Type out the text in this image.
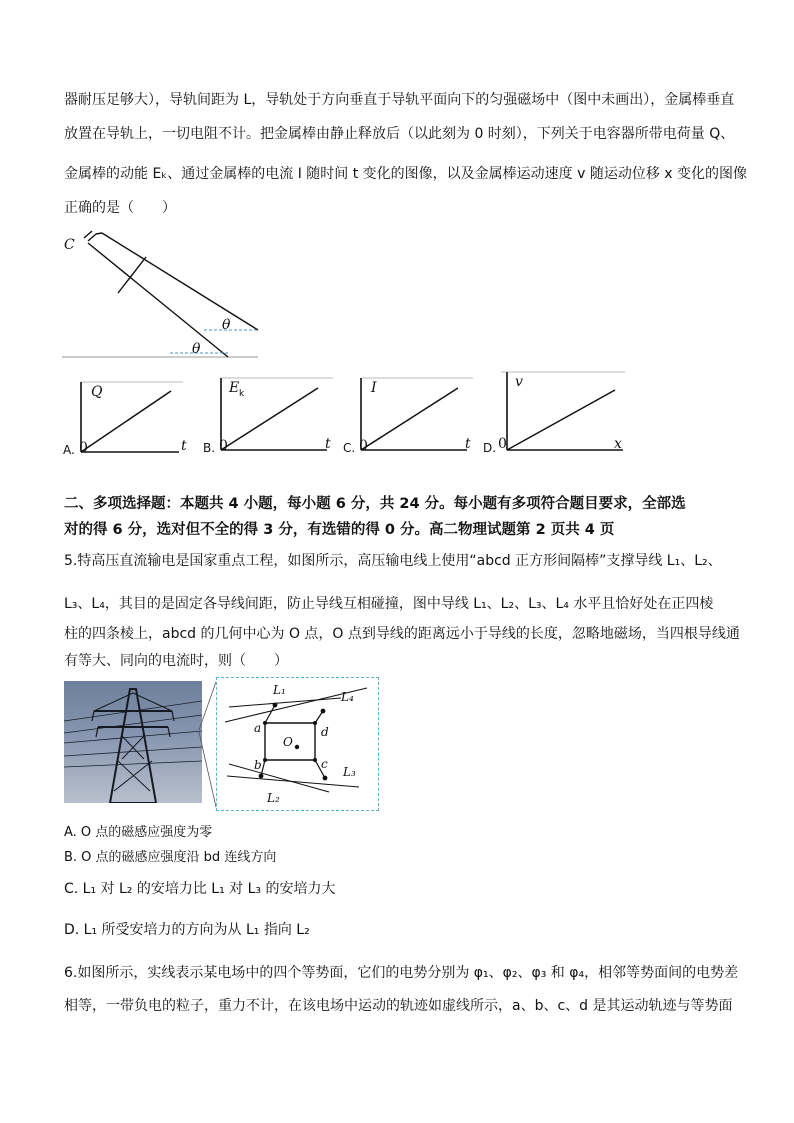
器耐压足够大），导轨间距为 L，导轨处于方向垂直于导轨平面向下的匀强磁场中（图中未画出），金属棒垂直
放置在导轨上，一切电阻不计。把金属棒由静止释放后（以此刻为 0 时刻），下列关于电容器所带电荷量 Q、
金属棒的动能 Eₖ、通过金属棒的电流 I 随时间 t 变化的图像，以及金属棒运动速度 v 随运动位移 x 变化的图像
正确的是（　　）
C
θ
θ
A. 0
Q
t B. 0
E k
t C. 0
I
t D. 0
v
x
二、多项选择题：本题共 4 小题，每小题 6 分，共 24 分。每小题有多项符合题目要求，全部选
对的得 6 分，选对但不全的得 3 分，有选错的得 0 分。高二物理试题第 2 页共 4 页
5.特高压直流输电是国家重点工程，如图所示，高压输电线上使用“abcd 正方形间隔棒”支撑导线 L₁、L₂、
L₃、L₄，其目的是固定各导线间距，防止导线互相碰撞，图中导线 L₁、L₂、L₃、L₄ 水平且恰好处在正四棱
柱的四条棱上，abcd 的几何中心为 O 点，O 点到导线的距离远小于导线的长度，忽略地磁场，当四根导线通
有等大、同向的电流时，则（　　）
L₁	L₄
L₃
L₂
a	d
b	c
O
A. O 点的磁感应强度为零
B. O 点的磁感应强度沿 bd 连线方向
C. L₁ 对 L₂ 的安培力比 L₁ 对 L₃ 的安培力大
D. L₁ 所受安培力的方向为从 L₁ 指向 L₂
6.如图所示，实线表示某电场中的四个等势面，它们的电势分别为 φ₁、φ₂、φ₃ 和 φ₄，相邻等势面间的电势差
相等，一带负电的粒子，重力不计，在该电场中运动的轨迹如虚线所示，a、b、c、d 是其运动轨迹与等势面
